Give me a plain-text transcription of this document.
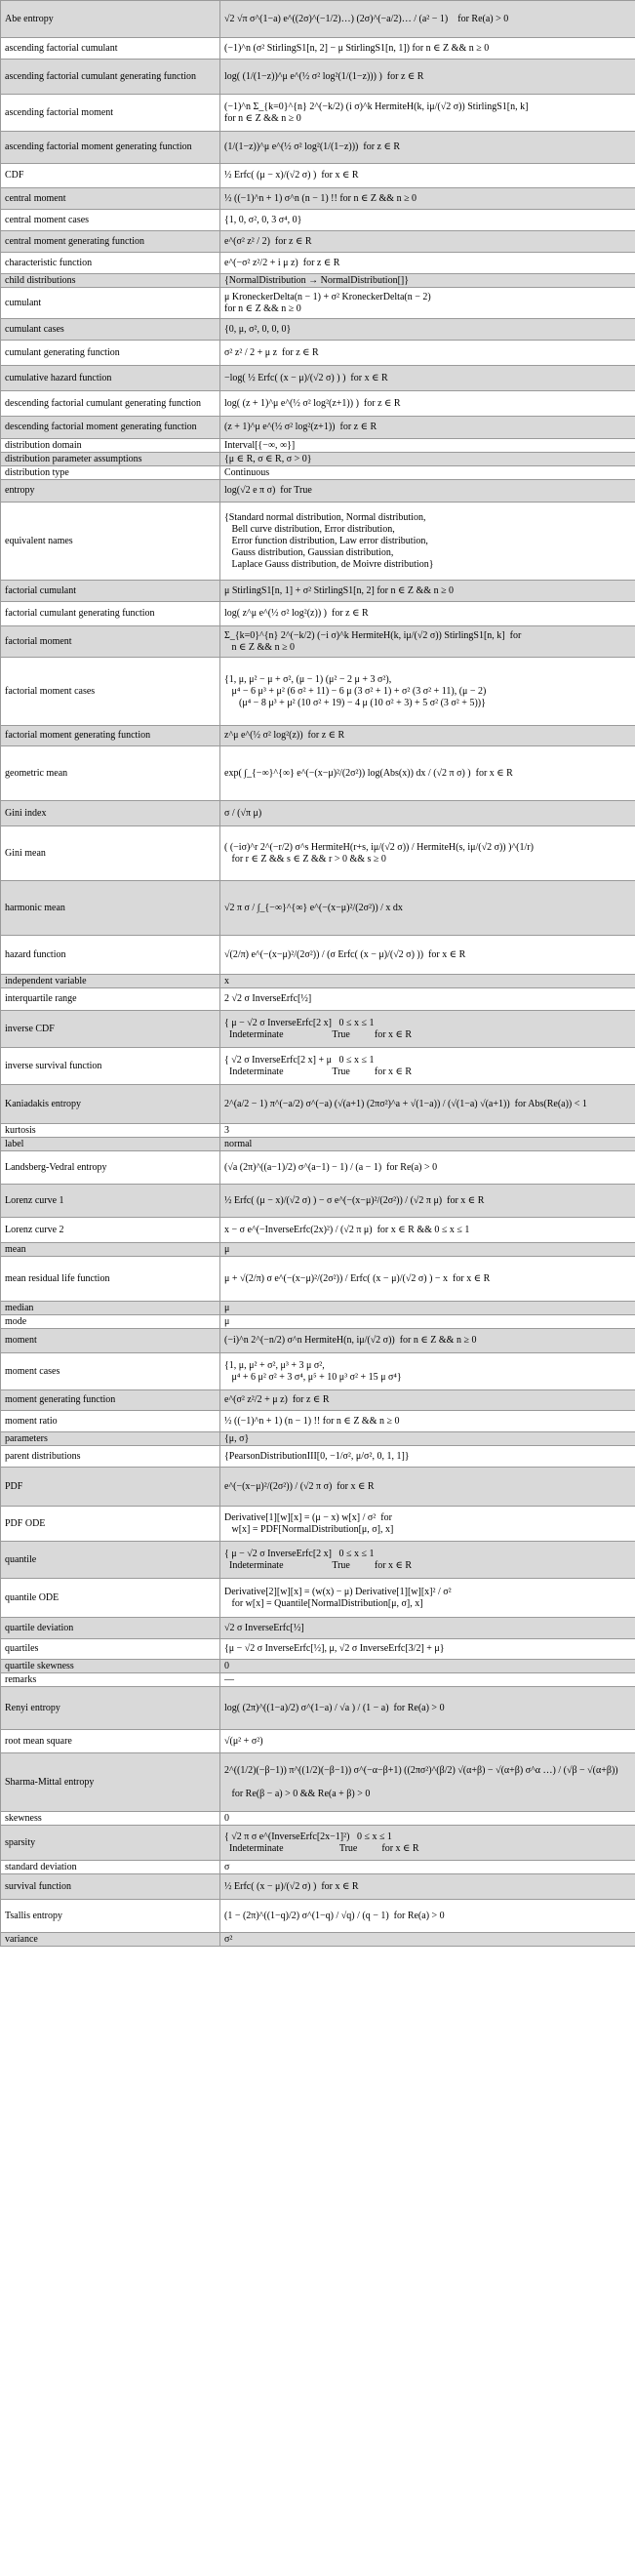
Abe entropy	√2 √π σ^(1−a) e^((2σ)^(−1/2)…) (2σ)^(−a/2)… / (a² − 1)    for Re(a) > 0
ascending factorial cumulant	(−1)^n (σ² StirlingS1[n, 2] − μ StirlingS1[n, 1]) for n ∈ Z && n ≥ 0
ascending factorial cumulant generating function	log( (1/(1−z))^μ e^(½ σ² log²(1/(1−z))) )  for z ∈ R
ascending factorial moment	(−1)^n Σ_{k=0}^{n} 2^(−k/2) (i σ)^k HermiteH(k, iμ/(√2 σ)) StirlingS1[n, k]
for n ∈ Z && n ≥ 0
ascending factorial moment generating function	(1/(1−z))^μ e^(½ σ² log²(1/(1−z)))  for z ∈ R
CDF	½ Erfc( (μ − x)/(√2 σ) )  for x ∈ R
central moment	½ ((−1)^n + 1) σ^n (n − 1) !! for n ∈ Z && n ≥ 0
central moment cases	{1, 0, σ², 0, 3 σ⁴, 0}
central moment generating function	e^(σ² z² / 2)  for z ∈ R
characteristic function	e^(−σ² z²/2 + i μ z)  for z ∈ R
child distributions	{NormalDistribution → NormalDistribution[]}
cumulant	μ KroneckerDelta(n − 1) + σ² KroneckerDelta(n − 2)
for n ∈ Z && n ≥ 0
cumulant cases	{0, μ, σ², 0, 0, 0}
cumulant generating function	σ² z² / 2 + μ z  for z ∈ R
cumulative hazard function	−log( ½ Erfc( (x − μ)/(√2 σ) ) )  for x ∈ R
descending factorial cumulant generating function	log( (z + 1)^μ e^(½ σ² log²(z+1)) )  for z ∈ R
descending factorial moment generating function	(z + 1)^μ e^(½ σ² log²(z+1))  for z ∈ R
distribution domain	Interval[{−∞, ∞}]
distribution parameter assumptions	{μ ∈ R, σ ∈ R, σ > 0}
distribution type	Continuous
entropy	log(√2 e π σ)  for True
equivalent names	{Standard normal distribution, Normal distribution,
Bell curve distribution, Error distribution,
Error function distribution, Law error distribution,
Gauss distribution, Gaussian distribution,
Laplace Gauss distribution, de Moivre distribution}
factorial cumulant	μ StirlingS1[n, 1] + σ² StirlingS1[n, 2] for n ∈ Z && n ≥ 0
factorial cumulant generating function	log( z^μ e^(½ σ² log²(z)) )  for z ∈ R
factorial moment	Σ_{k=0}^{n} 2^(−k/2) (−i σ)^k HermiteH(k, iμ/(√2 σ)) StirlingS1[n, k]  for
n ∈ Z && n ≥ 0
factorial moment cases	{1, μ, μ² − μ + σ², (μ − 1) (μ² − 2 μ + 3 σ²),
μ⁴ − 6 μ³ + μ² (6 σ² + 11) − 6 μ (3 σ² + 1) + σ² (3 σ² + 11), (μ − 2)
(μ⁴ − 8 μ³ + μ² (10 σ² + 19) − 4 μ (10 σ² + 3) + 5 σ² (3 σ² + 5))}
factorial moment generating function	z^μ e^(½ σ² log²(z))  for z ∈ R
geometric mean	exp( ∫_{−∞}^{∞} e^(−(x−μ)²/(2σ²)) log(Abs(x)) dx / (√2 π σ) )  for x ∈ R
Gini index	σ / (√π μ)
Gini mean	( (−iσ)^r 2^(−r/2) σ^s HermiteH(r+s, iμ/(√2 σ)) / HermiteH(s, iμ/(√2 σ)) )^(1/r)
for r ∈ Z && s ∈ Z && r > 0 && s ≥ 0
harmonic mean	√2 π σ / ∫_{−∞}^{∞} e^(−(x−μ)²/(2σ²)) / x dx
hazard function	√(2/π) e^(−(x−μ)²/(2σ²)) / (σ Erfc( (x − μ)/(√2 σ) ))  for x ∈ R
independent variable	x
interquartile range	2 √2 σ InverseErfc[½]
inverse CDF	{ μ − √2 σ InverseErfc[2 x]   0 ≤ x ≤ 1
Indeterminate                    True          for x ∈ R
inverse survival function	{ √2 σ InverseErfc[2 x] + μ   0 ≤ x ≤ 1
Indeterminate                    True          for x ∈ R
Kaniadakis entropy	2^(a/2 − 1) π^(−a/2) σ^(−a) (√(a+1) (2πσ²)^a + √(1−a)) / (√(1−a) √(a+1))  for Abs(Re(a)) < 1
kurtosis	3
label	normal
Landsberg-Vedral entropy	(√a (2π)^((a−1)/2) σ^(a−1) − 1) / (a − 1)  for Re(a) > 0
Lorenz curve 1	½ Erfc( (μ − x)/(√2 σ) ) − σ e^(−(x−μ)²/(2σ²)) / (√2 π μ)  for x ∈ R
Lorenz curve 2	x − σ e^(−InverseErfc(2x)²) / (√2 π μ)  for x ∈ R && 0 ≤ x ≤ 1
mean	μ
mean residual life function	μ + √(2/π) σ e^(−(x−μ)²/(2σ²)) / Erfc( (x − μ)/(√2 σ) ) − x  for x ∈ R
median	μ
mode	μ
moment	(−i)^n 2^(−n/2) σ^n HermiteH(n, iμ/(√2 σ))  for n ∈ Z && n ≥ 0
moment cases	{1, μ, μ² + σ², μ³ + 3 μ σ²,
μ⁴ + 6 μ² σ² + 3 σ⁴, μ⁵ + 10 μ³ σ² + 15 μ σ⁴}
moment generating function	e^(σ² z²/2 + μ z)  for z ∈ R
moment ratio	½ ((−1)^n + 1) (n − 1) !! for n ∈ Z && n ≥ 0
parameters	{μ, σ}
parent distributions	{PearsonDistributionIII[0, −1/σ², μ/σ², 0, 1, 1]}
PDF	e^(−(x−μ)²/(2σ²)) / (√2 π σ)  for x ∈ R
PDF ODE	Derivative[1][w][x] = (μ − x) w[x] / σ²  for
w[x] = PDF[NormalDistribution[μ, σ], x]
quantile	{ μ − √2 σ InverseErfc[2 x]   0 ≤ x ≤ 1
Indeterminate                    True          for x ∈ R
quantile ODE	Derivative[2][w][x] = (w(x) − μ) Derivative[1][w][x]² / σ²
for w[x] = Quantile[NormalDistribution[μ, σ], x]
quartile deviation	√2 σ InverseErfc[½]
quartiles	{μ − √2 σ InverseErfc[½], μ, √2 σ InverseErfc[3/2] + μ}
quartile skewness	0
remarks	—
Renyi entropy	log( (2π)^((1−a)/2) σ^(1−a) / √a ) / (1 − a)  for Re(a) > 0
root mean square	√(μ² + σ²)
Sharma-Mittal entropy	2^((1/2)(−β−1)) π^((1/2)(−β−1)) σ^(−α−β+1) ((2πσ²)^(β/2) √(α+β) − √(α+β) σ^α …) / (√β − √(α+β))

for Re(β − a) > 0 && Re(a + β) > 0
skewness	0
sparsity	{ √2 π σ e^(InverseErfc[2x−1]²)   0 ≤ x ≤ 1
Indeterminate                       True          for x ∈ R
standard deviation	σ
survival function	½ Erfc( (x − μ)/(√2 σ) )  for x ∈ R
Tsallis entropy	(1 − (2π)^((1−q)/2) σ^(1−q) / √q) / (q − 1)  for Re(a) > 0
variance	σ²
